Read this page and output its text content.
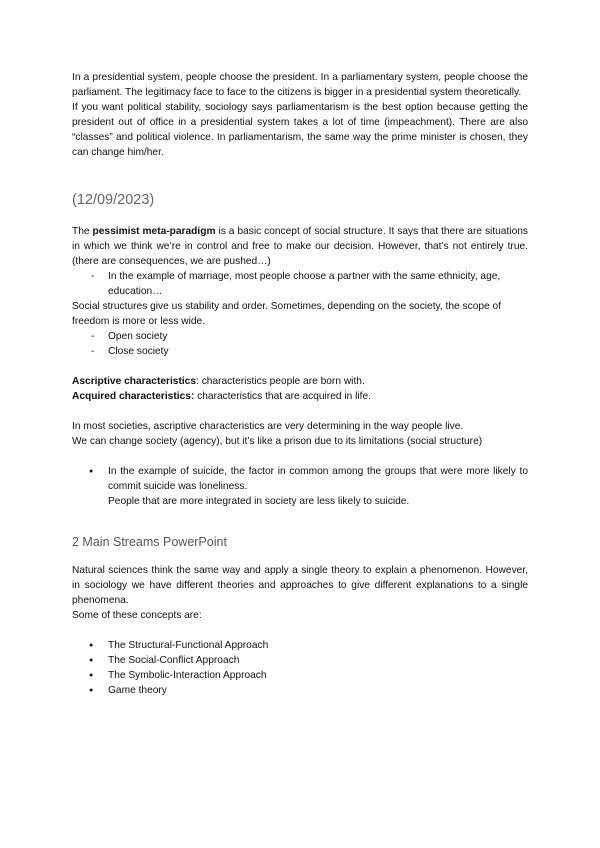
In a presidential system, people choose the president. In a parliamentary system, people choose the parliament. The legitimacy face to face to the citizens is bigger in a presidential system theoretically.

If you want political stability, sociology says parliamentarism is the best option because getting the president out of office in a presidential system takes a lot of time (impeachment). There are also “classes” and political violence. In parliamentarism, the same way the prime minister is chosen, they can change him/her.

(12/09/2023)

The pessimist meta-paradigm is a basic concept of social structure. It says that there are situations in which we think we’re in control and free to make our decision. However, that’s not entirely true. (there are consequences, we are pushed…)

- In the example of marriage, most people choose a partner with the same ethnicity, age, education…

Social structures give us stability and order. Sometimes, depending on the society, the scope of freedom is more or less wide.

- Open society
- Close society

Ascriptive characteristics: characteristics people are born with.

Acquired characteristics: characteristics that are acquired in life.

In most societies, ascriptive characteristics are very determining in the way people live.

We can change society (agency), but it’s like a prison due to its limitations (social structure)

● In the example of suicide, the factor in common among the groups that were more likely to commit suicide was loneliness.
People that are more integrated in society are less likely to suicide.
2 Main Streams PowerPoint

Natural sciences think the same way and apply a single theory to explain a phenomenon. However, in sociology we have different theories and approaches to give different explanations to a single phenomena.

Some of these concepts are:

● The Structural-Functional Approach
● The Social-Conflict Approach
● The Symbolic-Interaction Approach
● Game theory
